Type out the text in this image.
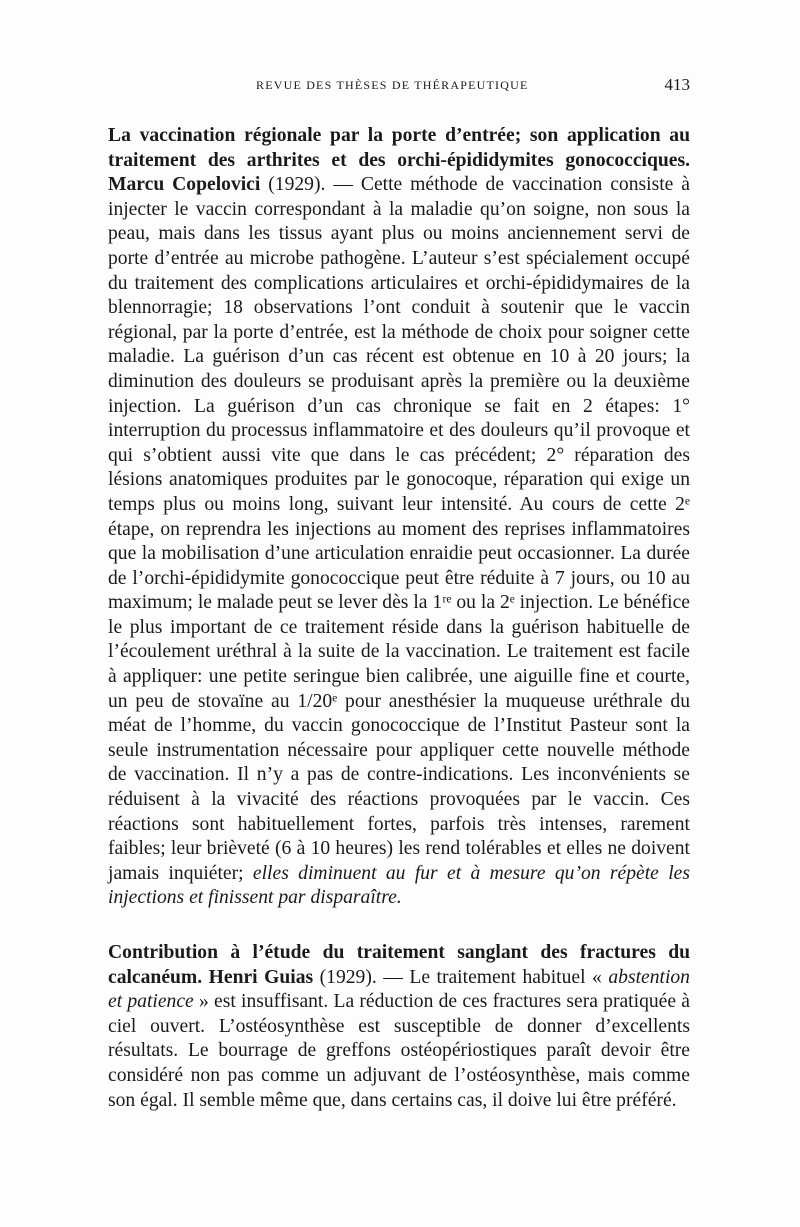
REVUE DES THÈSES DE THÉRAPEUTIQUE	413

La vaccination régionale par la porte d’entrée; son application au traitement des arthrites et des orchi-épididymites gonococciques. Marcu Copelovici (1929). — Cette méthode de vaccination consiste à injecter le vaccin correspondant à la maladie qu’on soigne, non sous la peau, mais dans les tissus ayant plus ou moins anciennement servi de porte d’entrée au microbe pathogène. L’auteur s’est spécialement occupé du traitement des complications articulaires et orchi-épididymaires de la blennorragie; 18 observations l’ont conduit à soutenir que le vaccin régional, par la porte d’entrée, est la méthode de choix pour soigner cette maladie. La guérison d’un cas récent est obtenue en 10 à 20 jours; la diminution des douleurs se produisant après la première ou la deuxième injection. La guérison d’un cas chronique se fait en 2 étapes: 1° interruption du processus inflammatoire et des douleurs qu’il provoque et qui s’obtient aussi vite que dans le cas précédent; 2° réparation des lésions anatomiques produites par le gonocoque, réparation qui exige un temps plus ou moins long, suivant leur intensité. Au cours de cette 2ᵉ étape, on reprendra les injections au moment des reprises inflammatoires que la mobilisation d’une articulation enraidie peut occasionner. La durée de l’orchi-épididymite gonococcique peut être réduite à 7 jours, ou 10 au maximum; le malade peut se lever dès la 1ʳᵉ ou la 2ᵉ injection. Le bénéfice le plus important de ce traitement réside dans la guérison habituelle de l’écoulement uréthral à la suite de la vaccination. Le traitement est facile à appliquer: une petite seringue bien calibrée, une aiguille fine et courte, un peu de stovaïne au 1/20ᵉ pour anesthésier la muqueuse uréthrale du méat de l’homme, du vaccin gonococcique de l’Institut Pasteur sont la seule instrumentation nécessaire pour appliquer cette nouvelle méthode de vaccination. Il n’y a pas de contre-indications. Les inconvénients se réduisent à la vivacité des réactions provoquées par le vaccin. Ces réactions sont habituellement fortes, parfois très intenses, rarement faibles; leur brièveté (6 à 10 heures) les rend tolérables et elles ne doivent jamais inquiéter; elles diminuent au fur et à mesure qu’on répète les injections et finissent par disparaître.

Contribution à l’étude du traitement sanglant des fractures du calcanéum. Henri Guias (1929). — Le traitement habituel « abstention et patience » est insuffisant. La réduction de ces fractures sera pratiquée à ciel ouvert. L’ostéosynthèse est susceptible de donner d’excellents résultats. Le bourrage de greffons ostéopériostiques paraît devoir être considéré non pas comme un adjuvant de l’ostéosynthèse, mais comme son égal. Il semble même que, dans certains cas, il doive lui être préféré.
